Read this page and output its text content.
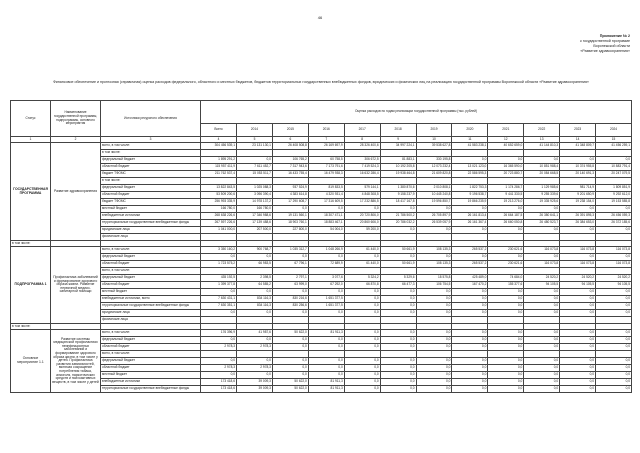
46
Приложение № 2
к государственной программе
Воронежской области
«Развитие здравоохранения»
Финансовое обеспечение и прогнозная (справочная) оценка расходов федерального, областного и местных бюджетов, бюджетов территориальных государственных внебюджетных фондов, юридических и физических лиц на реализацию государственной программы Воронежской области «Развитие здравоохранения»
Статус	Наименование государственной программы, подпрограммы, основного мероприятия	Источники ресурсного обеспечения	Оценка расходов по годам реализации государственной программы (тыс. рублей)											
			Всего	2014	2015	2016	2017	2018	2019	2020	2021	2022	2023	2024
1	2	3	4	5	6	7	8	9	10	11	12	13	14	15
ГОСУДАРСТВЕННАЯ ПРОГРАММА	Развитие здравоохранения	всего, в том числе:	304 456 539,1	23 131 130,1	26 408 508,8	26 169 697,9	28 326 400,6	34 997 224,1	39 538 627,8	41 583 238,1	40 652 659,0	41 144 810,3	41 348 809,7	41 456 259,1
		в том числе:												
		федеральный бюджет	1 895 291,2	0,0	106 765,2	60 758,5	306 672,5	81 883,1	330 195,8	0,0	0,0	0,0	0,0	0,0
		областной бюджет	115 957 411,9	7 611 452,7	7 317 943,6	7 173 791,6	7 419 524,3	10 192 205,8	12 073 232,4	13 021 123,0	16 365 590,0	10 851 988,4	10 374 955,8	10 883 791,4
		бюджет ТФОМС	211 762 537,4	15 053 511,7	16 433 755,4	16 479 938,3	16 632 286,4	19 938 464,8	21 609 820,8	22 586 595,3	20 723 880,7	20 084 668,5	20 140 691,3	20 247 079,5
		в том числе:												
		федеральный бюджет	13 822 843,5	1 025 088,3	937 524,9	819 833,5	579 144,1	1 380 870,6	2 010 808,1	1 822 753,3	1 174 286,7	1 129 985,6	981 714,9	1 809 851,9
		областной бюджет	53 509 200,6	3 096 390,4	4 383 614,8	4 320 931,4	4 848 308,5	9 158 237,9	10 445 240,8	9 196 538,7	9 441 330,5	9 255 339,6	9 201 650,9	9 292 612,0
		бюджет ТФОМС	256 993 335,9	14 978 137,2	17 290 608,7	17 316 609,5	17 232 886,5	18 417 167,8	19 596 850,7	19 866 235,9	19 213 276,0	19 335 925,6	19 238 154,0	19 153 585,8
		местный бюджет	166 780,0	166 780,0	0,0	0,0	0,0	0,0	0,0	0,0	0,0	0,0	0,0	0,0
		внебюджетные источники	268 638 226,6	17 346 988,6	19 131 560,1	18 307 471,1	20 720 806,0	21 786 500,2	26 705 897,9	26 161 813,4	26 664 187,5	26 380 641,1	26 391 895,3	26 456 059,3
		территориальные государственные внебюджетные фонды	267 597 226,6	17 139 488,6	18 903 760,1	18 883 467,1	20 860 606,0	20 786 032,2	26 539 057,9	26 161 367,4	26 660 050,8	26 480 523,7	26 384 653,0	26 372 185,6
		юридические лица	1 041 000,0	207 500,0	227 800,0	54 004,0	59 200,0	0,0	0,0	0,0	0,0	0,0	0,0	0,0
		физические лица												
в том числе:														
ПОДПРОГРАММА 1	Профилактика заболеваний и формирование здорового образа жизни. Развитие первичной медико-санитарной помощи	всего, в том числе:	3 350 160,2	900 768,7	1 035 312,7	1 048 266,9	61 440,0	50 661,9	108 135,3	265 537,2	230 621,6	116 073,8	116 073,8	116 073,8
		федеральный бюджет	0,0	0,0	0,0	0,0	0,0	0,0	0,0	0,0	0,0	0,0	0,0	0,0
		областной бюджет	1 723 575,2	66 983,5	67 796,1	72 689,9	61 440,0	50 661,9	108 135,3	265 537,2	230 621,6	116 073,8	116 073,8	116 073,8
		всего, в том числе:												
		федеральный бюджет	435 192,5	2 398,5	2 797,1	3 077,6	5 324,2	5 329,6	18 575,8	425 489,0	74 684,0	24 520,2	24 520,2	24 520,2
		областной бюджет	1 399 377,8	64 585,2	63 999,0	67 292,0	66 870,8	66 477,3	106 754,5	167 470,2	155 377,6	94 105,5	94 105,5	94 105,5
		местный бюджет	0,0	0,0	0,0	0,0	0,0	0,0	0,0	0,0	0,0	0,0	0,0	0,0
		внебюджетные источники, всего	7 630 431,1	834 116,3	830 216,6	1 651 377,5	0,0	0,0	0,0	0,0	0,0	0,0	0,0	0,0
		территориальные государственные внебюджетные фонды	7 630 351,1	834 116,3	830 256,6	1 651 377,5	0,0	0,0	0,0	0,0	0,0	0,0	0,0	0,0
		юридические лица	0,0	0,0	0,0	0,0	0,0	0,0	0,0	0,0	0,0	0,0	0,0	0,0
		физические лица												
в том числе:														
Основное мероприятие 1.1	Развитие системы медицинской профилактики неинфекционных заболеваний и формирование здорового образа жизни, в том числе у детей. Профилактика развития зависимостей, включая сокращение потребления табака, алкоголя, наркотических средств и психоактивных веществ, в том числе у детей	всего, в том числе:	176 396,9	41 987,6	50 622,0	81 911,3	0,0	0,0	0,0	0,0	0,0	0,0	0,0	0,0
		федеральный бюджет	0,0	0,0	0,0	0,0	0,0	0,0	0,0	0,0	0,0	0,0	0,0	0,0
		областной бюджет	2 978,3	2 978,3	0,0	0,0	0,0	0,0	0,0	0,0	0,0	0,0	0,0	0,0
		всего, в том числе:												
		федеральный бюджет	0,0	0,0	0,0	0,0	0,0	0,0	0,0	0,0	0,0	0,0	0,0	0,0
		областной бюджет	2 978,3	2 978,3	0,0	0,0	0,0	0,0	0,0	0,0	0,0	0,0	0,0	0,0
		местный бюджет	0,0	0,0	0,0	0,0	0,0	0,0	0,0	0,0	0,0	0,0	0,0	0,0
		внебюджетные источники	173 418,6	39 009,3	50 622,0	81 911,3	0,0	0,0	0,0	0,0	0,0	0,0	0,0	0,0
		территориальные государственные внебюджетные фонды	173 418,6	39 009,3	50 622,0	81 911,3	0,0	0,0	0,0	0,0	0,0	0,0	0,0	0,0
